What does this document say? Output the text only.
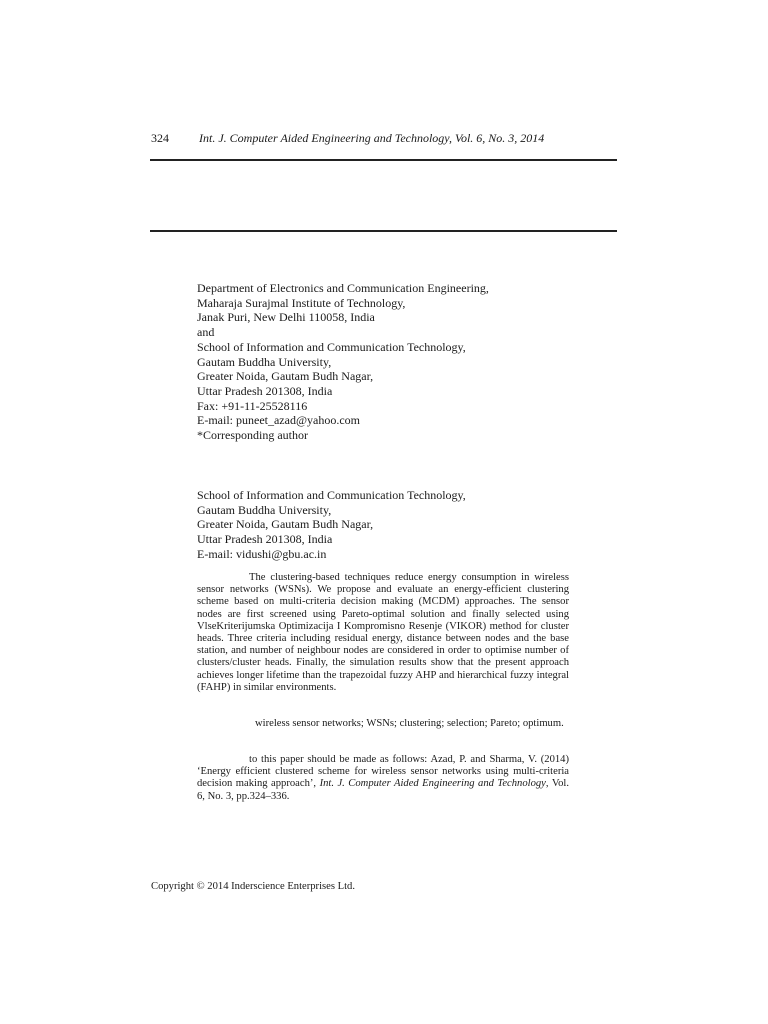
324	Int. J. Computer Aided Engineering and Technology, Vol. 6, No. 3, 2014
Department of Electronics and Communication Engineering,
Maharaja Surajmal Institute of Technology,
Janak Puri, New Delhi 110058, India
and
School of Information and Communication Technology,
Gautam Buddha University,
Greater Noida, Gautam Budh Nagar,
Uttar Pradesh 201308, India
Fax: +91-11-25528116
E-mail: puneet_azad@yahoo.com
*Corresponding author
School of Information and Communication Technology,
Gautam Buddha University,
Greater Noida, Gautam Budh Nagar,
Uttar Pradesh 201308, India
E-mail: vidushi@gbu.ac.in

The clustering-based techniques reduce energy consumption in wireless sensor networks (WSNs). We propose and evaluate an energy-efficient clustering scheme based on multi-criteria decision making (MCDM) approaches. The sensor nodes are first screened using Pareto-optimal solution and finally selected using VlseKriterijumska Optimizacija I Kompromisno Resenje (VIKOR) method for cluster heads. Three criteria including residual energy, distance between nodes and the base station, and number of neighbour nodes are considered in order to optimise number of clusters/cluster heads. Finally, the simulation results show that the present approach achieves longer lifetime than the trapezoidal fuzzy AHP and hierarchical fuzzy integral (FAHP) in similar environments.

wireless sensor networks; WSNs; clustering; selection; Pareto; optimum.

to this paper should be made as follows: Azad, P. and Sharma, V. (2014) ‘Energy efficient clustered scheme for wireless sensor networks using multi-criteria decision making approach’, Int. J. Computer Aided Engineering and Technology, Vol. 6, No. 3, pp.324–336.

Copyright © 2014 Inderscience Enterprises Ltd.
